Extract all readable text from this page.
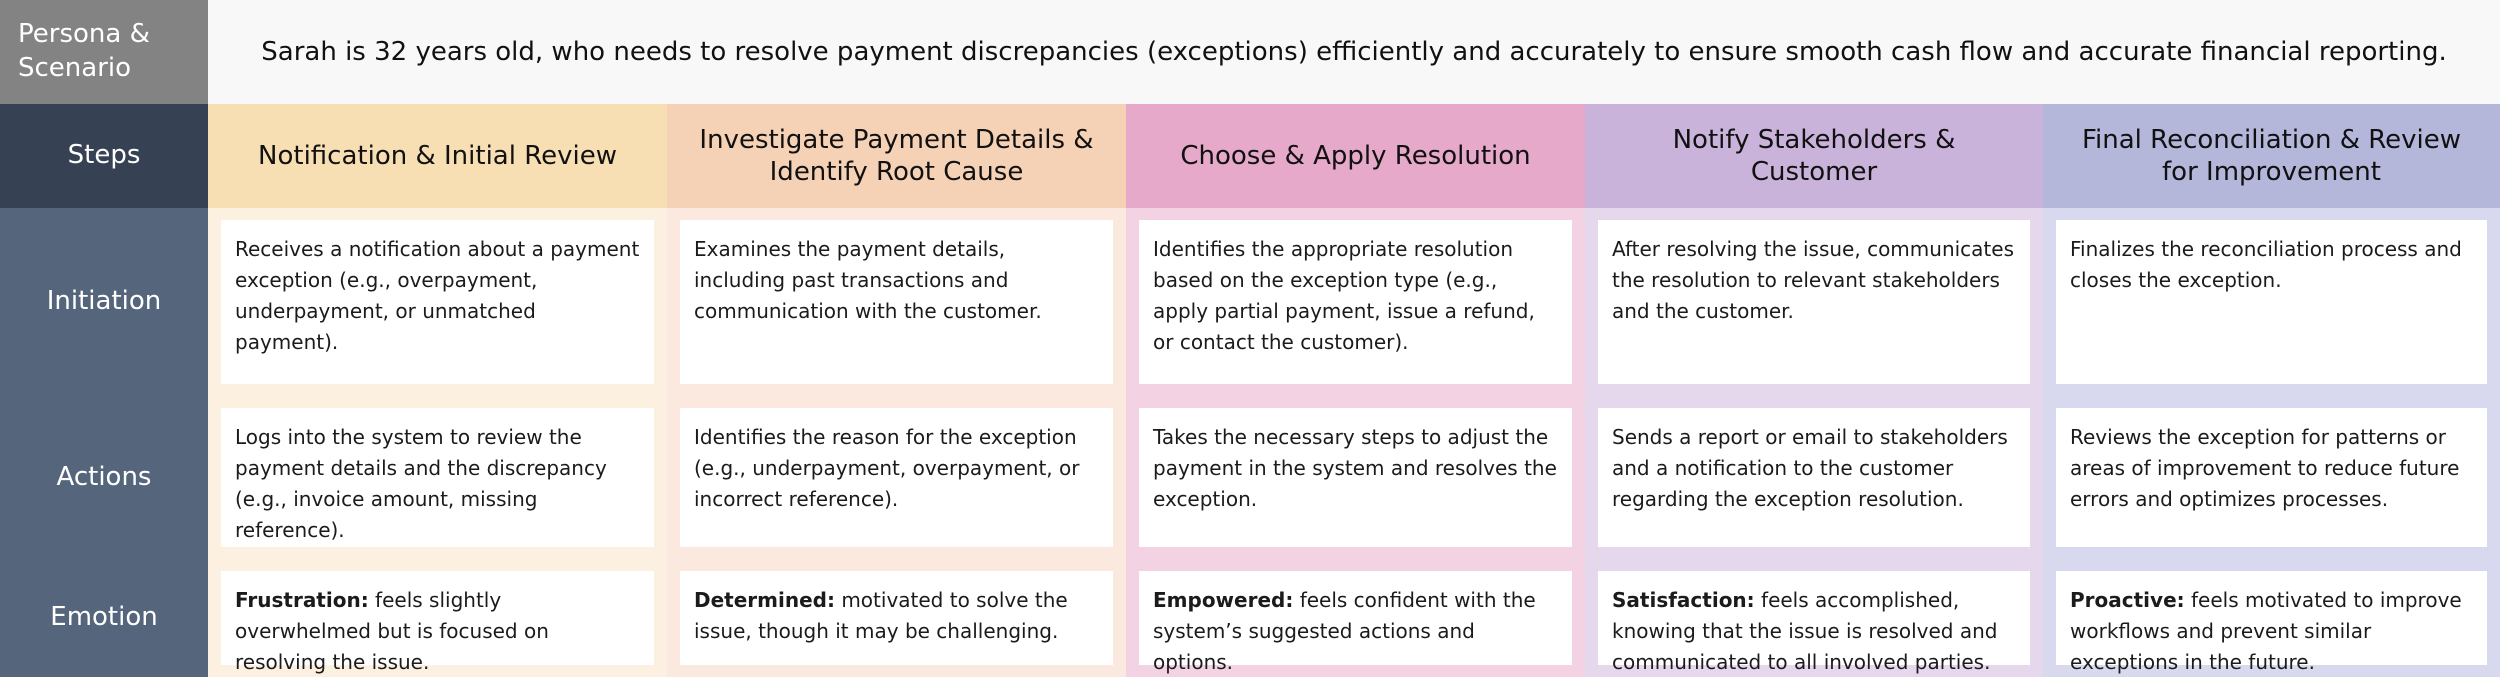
Persona & Scenario
Sarah is 32 years old, who needs to resolve payment discrepancies (exceptions) efficiently and accurately to ensure smooth cash flow and accurate financial reporting.
Steps	Notification & Initial Review
Investigate Payment Details & Identify Root Cause
Choose & Apply Resolution
Notify Stakeholders & Customer
Final Reconciliation & Review for Improvement
Initiation
Receives a notification about a payment exception (e.g., overpayment, underpayment, or unmatched payment).
Examines the payment details, including past transactions and communication with the customer.
Identifies the appropriate resolution based on the exception type (e.g., apply partial payment, issue a refund, or contact the customer).
After resolving the issue, communicates the resolution to relevant stakeholders and the customer.
Finalizes the reconciliation process and closes the exception.
Actions
Logs into the system to review the payment details and the discrepancy (e.g., invoice amount, missing reference).
Identifies the reason for the exception (e.g., underpayment, overpayment, or incorrect reference).
Takes the necessary steps to adjust the payment in the system and resolves the exception.
Sends a report or email to stakeholders and a notification to the customer regarding the exception resolution.
Reviews the exception for patterns or areas of improvement to reduce future errors and optimizes processes.
Emotion
Frustration: feels slightly overwhelmed but is focused on resolving the issue.
Determined: motivated to solve the issue, though it may be challenging.
Empowered: feels confident with the system’s suggested actions and options.
Satisfaction: feels accomplished, knowing that the issue is resolved and communicated to all involved parties.
Proactive: feels motivated to improve workflows and prevent similar exceptions in the future.
